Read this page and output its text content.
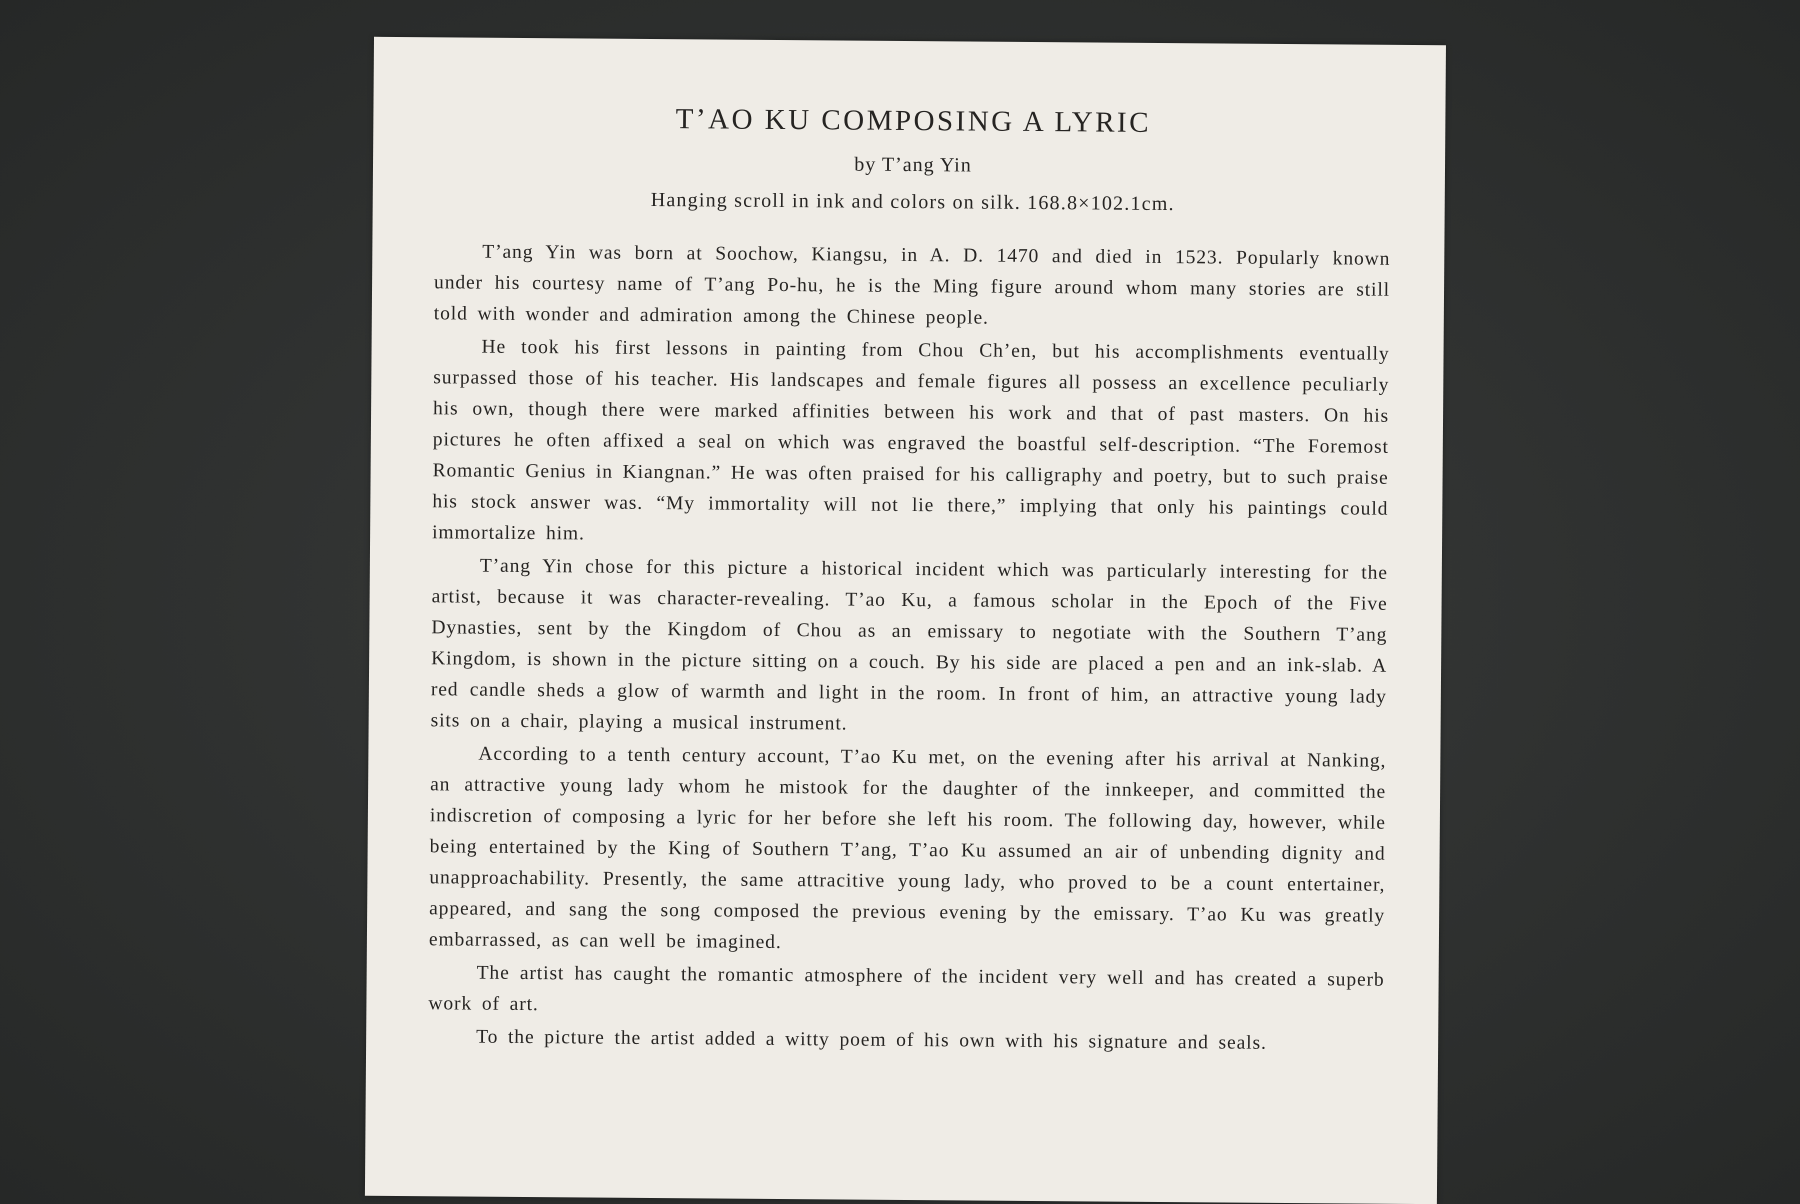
T’AO KU COMPOSING A LYRIC
by T’ang Yin
Hanging scroll in ink and colors on silk. 168.8×102.1cm.

T’ang Yin was born at Soochow, Kiangsu, in A. D. 1470 and died in 1523. Popularly known under his courtesy name of T’ang Po-hu, he is the Ming figure around whom many stories are still told with wonder and admiration among the Chinese people.

He took his first lessons in painting from Chou Ch’en, but his accomplishments eventually surpassed those of his teacher. His landscapes and female figures all possess an excellence peculiarly his own, though there were marked affinities between his work and that of past masters. On his pictures he often affixed a seal on which was engraved the boastful self-description. “The Foremost Romantic Genius in Kiangnan.” He was often praised for his calligraphy and poetry, but to such praise his stock answer was. “My immortality will not lie there,” implying that only his paintings could immortalize him.

T’ang Yin chose for this picture a historical incident which was particularly interesting for the artist, because it was character-revealing. T’ao Ku, a famous scholar in the Epoch of the Five Dynasties, sent by the Kingdom of Chou as an emissary to negotiate with the Southern T’ang Kingdom, is shown in the picture sitting on a couch. By his side are placed a pen and an ink-slab. A red candle sheds a glow of warmth and light in the room. In front of him, an attractive young lady sits on a chair, playing a musical instrument.

According to a tenth century account, T’ao Ku met, on the evening after his arrival at Nanking, an attractive young lady whom he mistook for the daughter of the innkeeper, and committed the indiscretion of composing a lyric for her before she left his room. The following day, however, while being entertained by the King of Southern T’ang, T’ao Ku assumed an air of unbending dignity and unapproachability. Presently, the same attracitive young lady, who proved to be a count entertainer, appeared, and sang the song composed the previous evening by the emissary. T’ao Ku was greatly embarrassed, as can well be imagined.

The artist has caught the romantic atmosphere of the incident very well and has created a superb work of art.

To the picture the artist added a witty poem of his own with his signature and seals.
